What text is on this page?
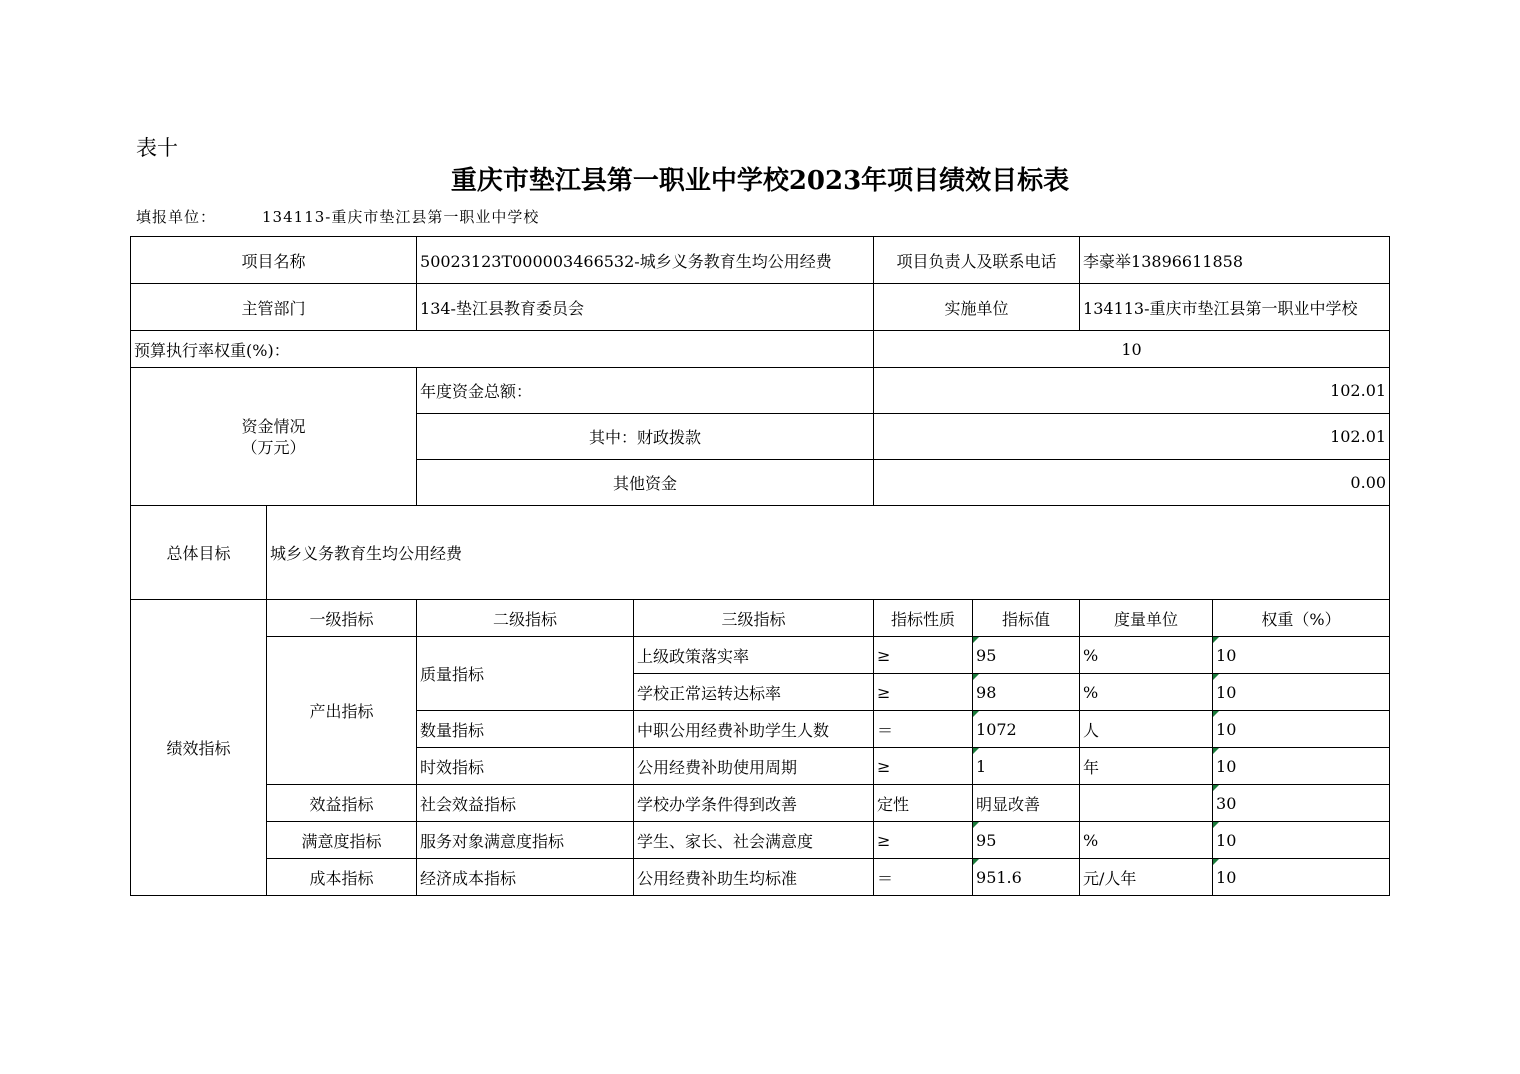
表十
重庆市垫江县第一职业中学校2023年项目绩效目标表
填报单位：	134113-重庆市垫江县第一职业中学校
项目名称		50023123T000003466532-城乡义务教育生均公用经费		项目负责人及联系电话		李豪举13896611858	
主管部门		134-垫江县教育委员会		实施单位		134113-重庆市垫江县第一职业中学校	
预算执行率权重(%)：				10			

资金情况
（万元）		年度资金总额：		102.01			
		其中：财政拨款		102.01			
		其他资金		0.00			
总体目标	城乡义务教育生均公用经费						
绩效指标	一级指标	二级指标	三级指标	指标性质	指标值	度量单位	权重（%）
	产出指标	质量指标	上级政策落实率	≥	95	%	10
			学校正常运转达标率	≥	98	%	10
		数量指标	中职公用经费补助学生人数	＝	1072	人	10
		时效指标	公用经费补助使用周期	≥	1	年	10
	效益指标	社会效益指标	学校办学条件得到改善	定性	明显改善		30
	满意度指标	服务对象满意度指标	学生、家长、社会满意度	≥	95	%	10
	成本指标	经济成本指标	公用经费补助生均标准	＝	951.6	元/人年	10
